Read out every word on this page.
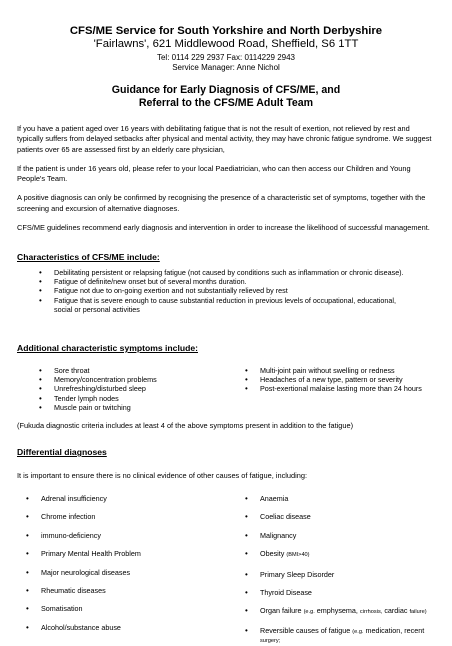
CFS/ME Service for South Yorkshire and North Derbyshire
'Fairlawns', 621 Middlewood Road, Sheffield, S6 1TT
Tel: 0114 229 2937 Fax: 0114229 2943
Service Manager: Anne Nichol
Guidance for Early Diagnosis of CFS/ME, and
Referral to the CFS/ME Adult Team

If you have a patient aged over 16 years with debilitating fatigue that is not the result of exertion, not relieved by rest and typically suffers from delayed setbacks after physical and mental activity, they may have chronic fatigue syndrome. We suggest patients over 65 are assessed first by an elderly care physician,

If the patient is under 16 years old, please refer to your local Paediatrician, who can then access our Children and Young People's Team.

A positive diagnosis can only be confirmed by recognising the presence of a characteristic set of symptoms, together with the screening and excursion of alternative diagnoses.

CFS/ME guidelines recommend early diagnosis and intervention in order to increase the likelihood of successful management.

Characteristics of CFS/ME include:
• Debilitating persistent or relapsing fatigue (not caused by conditions such as inflammation or chronic disease).
• Fatigue of definite/new onset but of several months duration.
• Fatigue not due to on-going exertion and not substantially relieved by rest
• Fatigue that is severe enough to cause substantial reduction in previous levels of occupational, educational, social or personal activities
Additional characteristic symptoms include:
• Sore throat
• Memory/concentration problems
• Unrefreshing/disturbed sleep
• Tender lymph nodes
• Muscle pain or twitching
• Multi-joint pain without swelling or redness
• Headaches of a new type, pattern or severity
• Post-exertional malaise lasting more than 24 hours

(Fukuda diagnostic criteria includes at least 4 of the above symptoms present in addition to the fatigue)

Differential diagnoses

It is important to ensure there is no clinical evidence of other causes of fatigue, including:

• Adrenal insufficiency
• Chrome infection
• immuno-deficiency
• Primary Mental Health Problem
• Major neurological diseases
• Rheumatic diseases
• Somatisation
• Alcohol/substance abuse
• Anaemia
• Coeliac disease
• Malignancy
• Obesity (BMI>40)
• Primary Sleep Disorder
• Thyroid Disease
• Organ failure (e.g. emphysema, cirrhosis, cardiac failure)
• Reversible causes of fatigue (e.g. medication, recent
surgery;
